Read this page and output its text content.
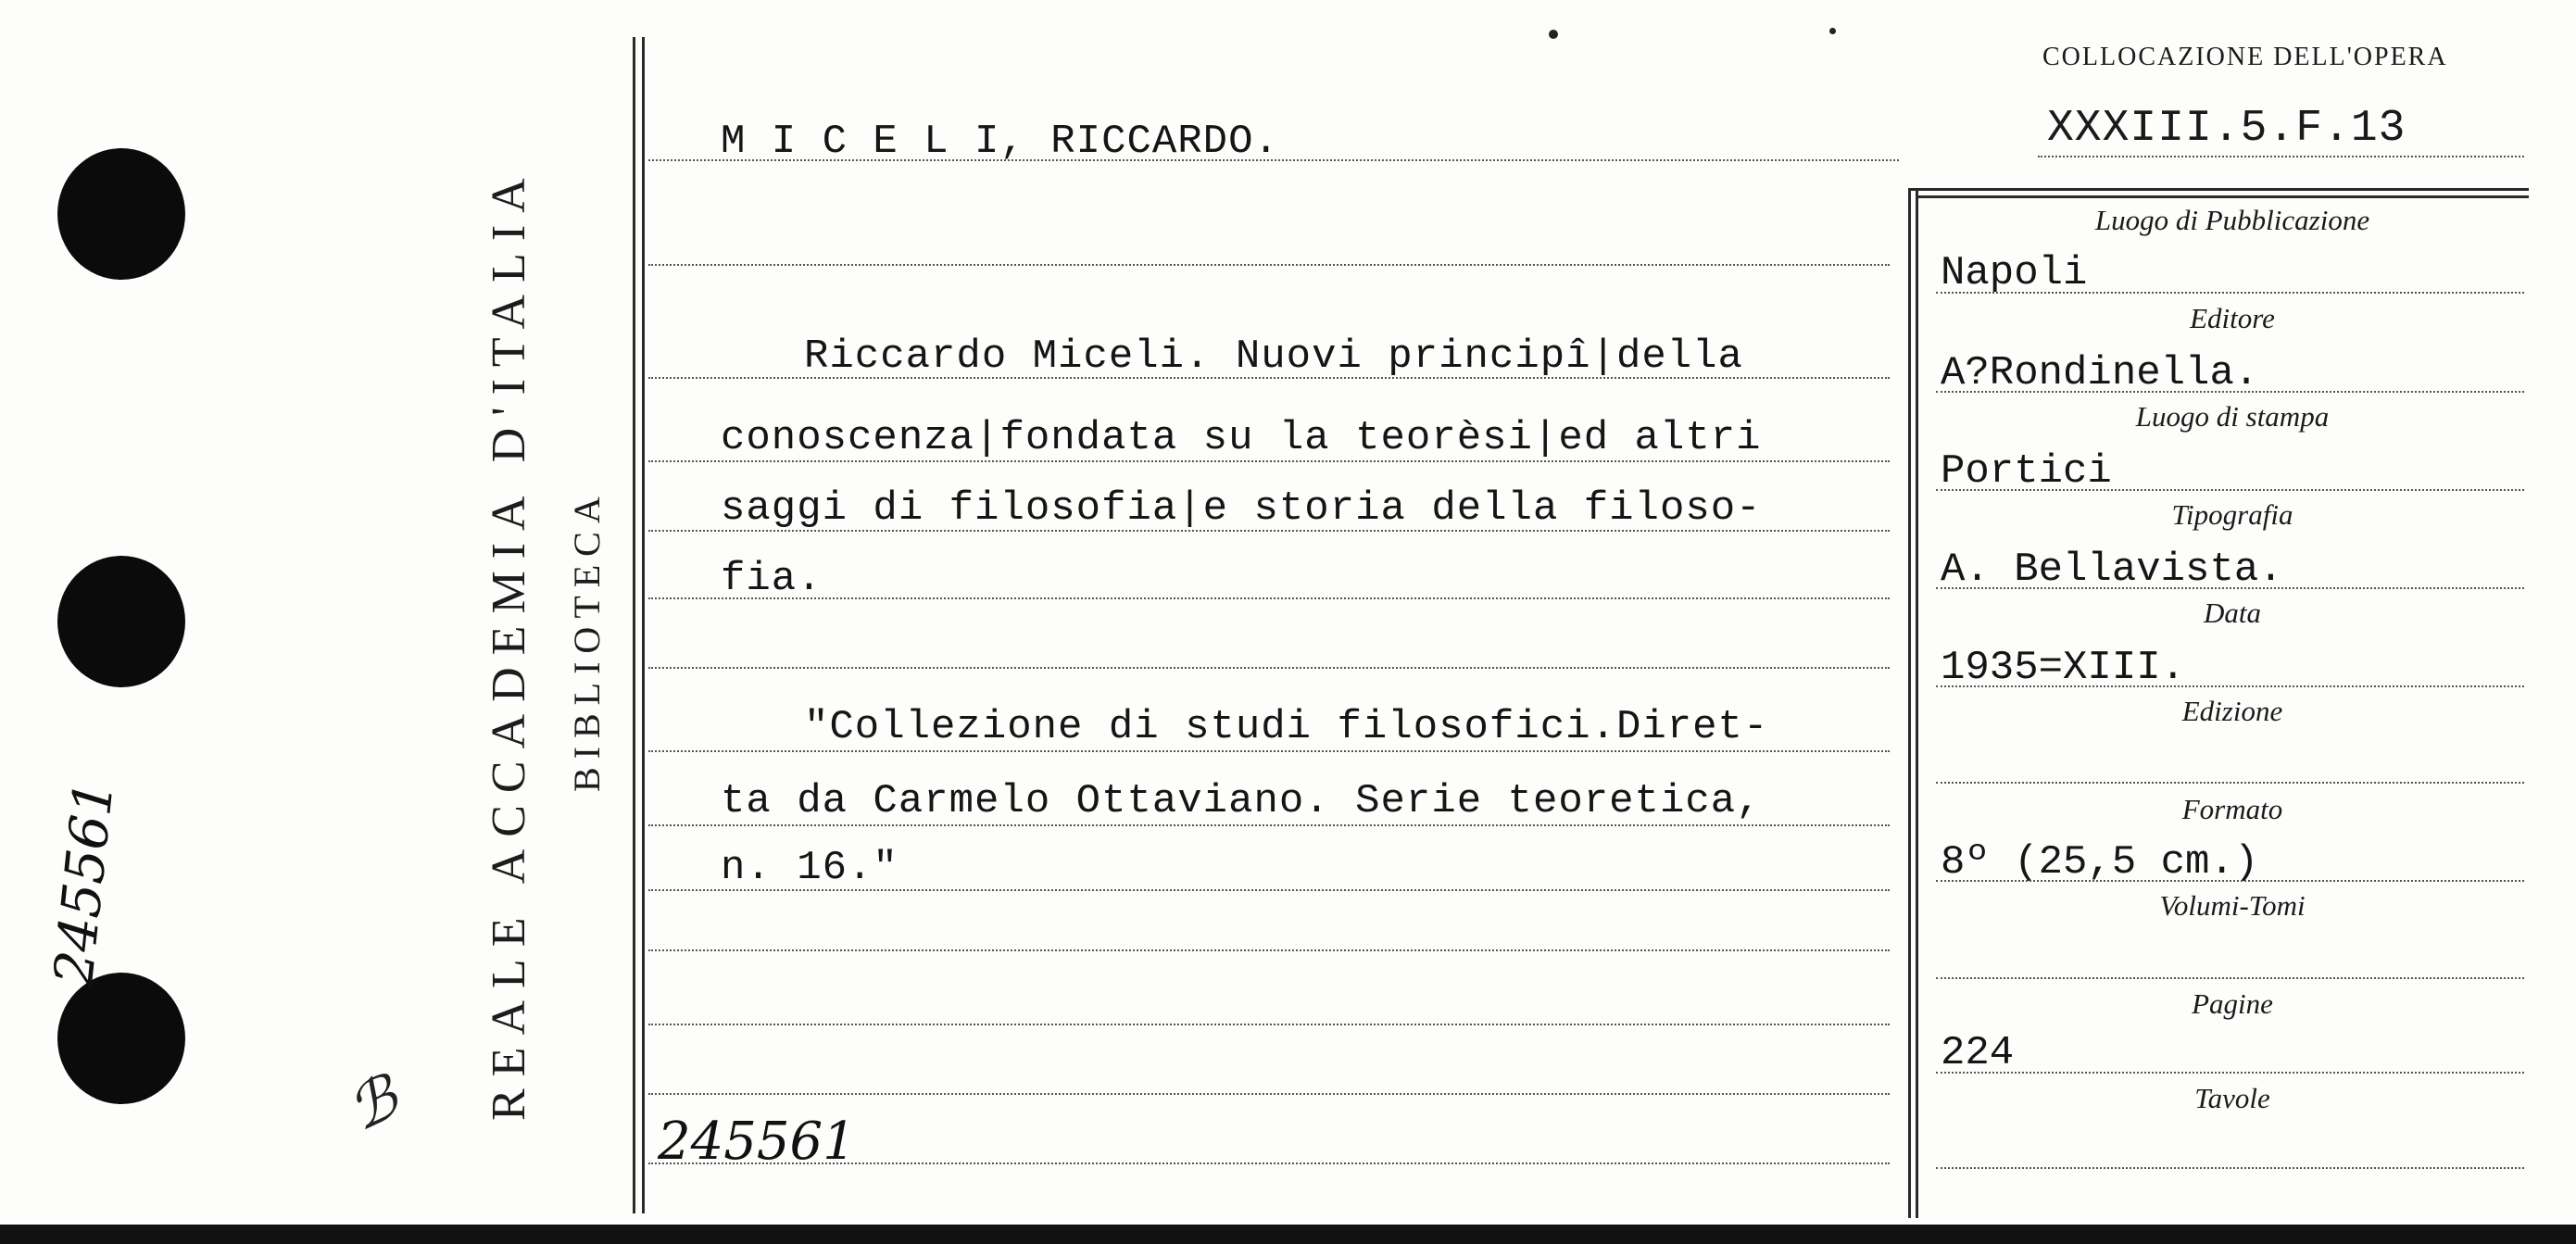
245561
ℬ REALE ACCADEMIA D'ITALIA BIBLIOTECA
COLLOCAZIONE DELL'OPERA
XXXIII.5.F.13
M I C E L I, RICCARDO.
Riccardo Miceli. Nuovi principî|della
conoscenza|fondata su la teorèsi|ed altri
saggi di filosofia|e storia della filoso-
fia.
"Collezione di studi filosofici.Diret-
ta da Carmelo Ottaviano. Serie teoretica,
n. 16."
245561
Luogo di Pubblicazione
Napoli
Editore
A?Rondinella.
Luogo di stampa
Portici
Tipografia
A. Bellavista.
Data
1935=XIII.
Edizione
Formato
8º (25,5 cm.)
Volumi-Tomi
Pagine
224
Tavole
